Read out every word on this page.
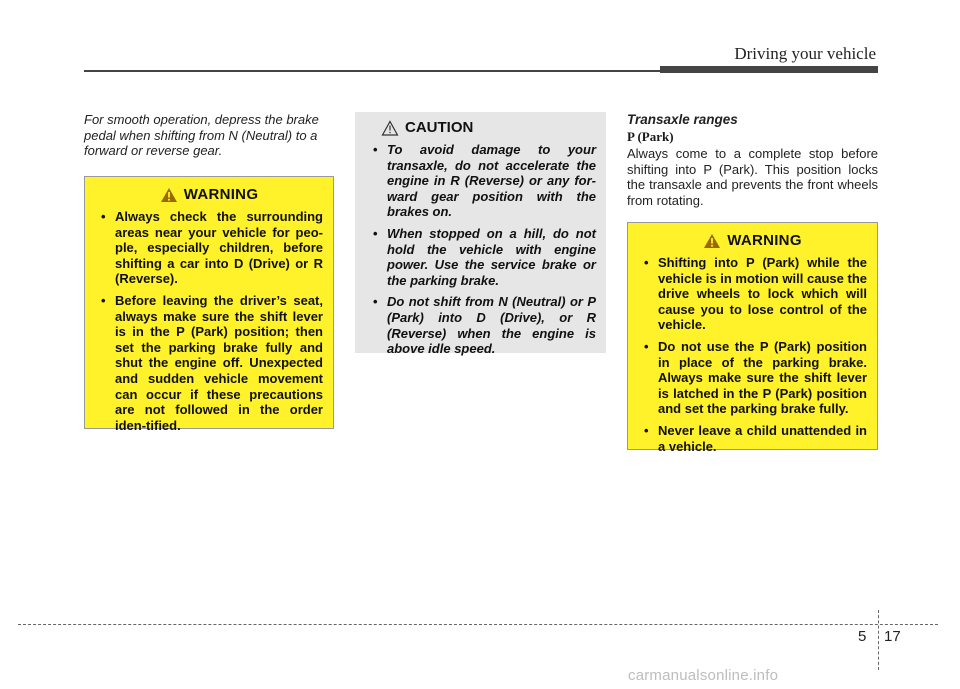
Driving your vehicle
For smooth operation, depress the brake pedal when shifting from N (Neutral) to a forward or reverse gear.
WARNING
• Always check the surrounding areas near your vehicle for peo-ple, especially children, before shifting a car into D (Drive) or R (Reverse).
• Before leaving the driver’s seat, always make sure the shift lever is in the P (Park) position; then set the parking brake fully and shut the engine off. Unexpected and sudden vehicle movement can occur if these precautions are not followed in the order iden-tified.
CAUTION
• To avoid damage to your transaxle, do not accelerate the engine in R (Reverse) or any for-ward gear position with the brakes on.
• When stopped on a hill, do not hold the vehicle with engine power. Use the service brake or the parking brake.
• Do not shift from N (Neutral) or P (Park) into D (Drive), or R (Reverse) when the engine is above idle speed.
Transaxle ranges
P (Park)
Always come to a complete stop before shifting into P (Park). This position locks the transaxle and prevents the front wheels from rotating.
WARNING
• Shifting into P (Park) while the vehicle is in motion will cause the drive wheels to lock which will cause you to lose control of the vehicle.
• Do not use the P (Park) position in place of the parking brake. Always make sure the shift lever is latched in the P (Park) position and set the parking brake fully.
• Never leave a child unattended in a vehicle.
5 17
carmanualsonline.info
